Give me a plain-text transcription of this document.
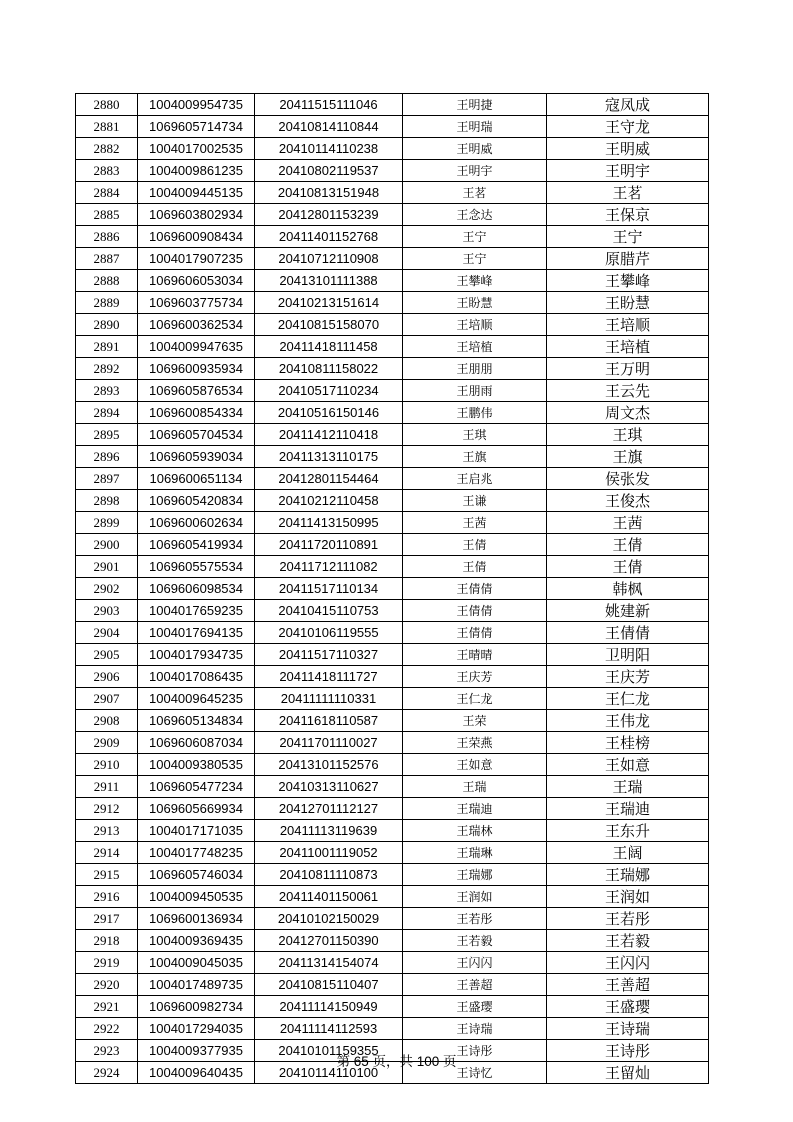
2880	1004009954735	20411515111046	王明捷	寇凤成
2881	1069605714734	20410814110844	王明瑞	王守龙
2882	1004017002535	20410114110238	王明威	王明威
2883	1004009861235	20410802119537	王明宇	王明宇
2884	1004009445135	20410813151948	王茗	王茗
2885	1069603802934	20412801153239	王念达	王保京
2886	1069600908434	20411401152768	王宁	王宁
2887	1004017907235	20410712110908	王宁	原腊芹
2888	1069606053034	20413101111388	王攀峰	王攀峰
2889	1069603775734	20410213151614	王盼慧	王盼慧
2890	1069600362534	20410815158070	王培顺	王培顺
2891	1004009947635	20411418111458	王培植	王培植
2892	1069600935934	20410811158022	王朋朋	王万明
2893	1069605876534	20410517110234	王朋雨	王云先
2894	1069600854334	20410516150146	王鹏伟	周文杰
2895	1069605704534	20411412110418	王琪	王琪
2896	1069605939034	20411313110175	王旗	王旗
2897	1069600651134	20412801154464	王启兆	侯张发
2898	1069605420834	20410212110458	王谦	王俊杰
2899	1069600602634	20411413150995	王茜	王茜
2900	1069605419934	20411720110891	王倩	王倩
2901	1069605575534	20411712111082	王倩	王倩
2902	1069606098534	20411517110134	王倩倩	韩枫
2903	1004017659235	20410415110753	王倩倩	姚建新
2904	1004017694135	20410106119555	王倩倩	王倩倩
2905	1004017934735	20411517110327	王晴晴	卫明阳
2906	1004017086435	20411418111727	王庆芳	王庆芳
2907	1004009645235	20411111110331	王仁龙	王仁龙
2908	1069605134834	20411618110587	王荣	王伟龙
2909	1069606087034	20411701110027	王荣燕	王桂榜
2910	1004009380535	20413101152576	王如意	王如意
2911	1069605477234	20410313110627	王瑞	王瑞
2912	1069605669934	20412701112127	王瑞迪	王瑞迪
2913	1004017171035	20411113119639	王瑞林	王东升
2914	1004017748235	20411001119052	王瑞琳	王阔
2915	1069605746034	20410811110873	王瑞娜	王瑞娜
2916	1004009450535	20411401150061	王润如	王润如
2917	1069600136934	20410102150029	王若彤	王若彤
2918	1004009369435	20412701150390	王若毅	王若毅
2919	1004009045035	20411314154074	王闪闪	王闪闪
2920	1004017489735	20410815110407	王善超	王善超
2921	1069600982734	20411114150949	王盛璎	王盛璎
2922	1004017294035	20411114112593	王诗瑞	王诗瑞
2923	1004009377935	20410101159355	王诗彤	王诗彤
2924	1004009640435	20410114110100	王诗忆	王留灿
第 65 页，共 100 页
